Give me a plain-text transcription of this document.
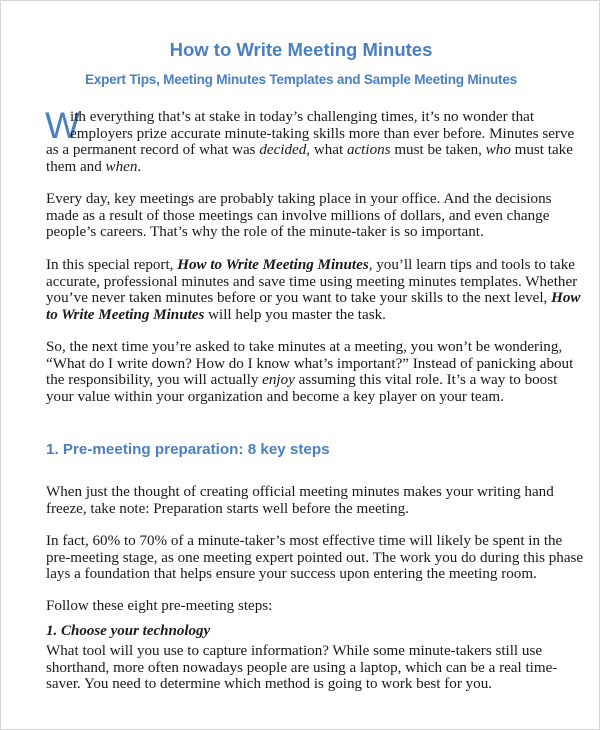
How to Write Meeting Minutes
Expert Tips, Meeting Minutes Templates and Sample Meeting Minutes
W
ith everything that’s at stake in today’s challenging times, it’s no wonder that
employers prize accurate minute-taking skills more than ever before. Minutes serve
as a permanent record of what was decided, what actions must be taken, who must take
them and when.
Every day, key meetings are probably taking place in your office. And the decisions
made as a result of those meetings can involve millions of dollars, and even change
people’s careers. That’s why the role of the minute-taker is so important.
In this special report, How to Write Meeting Minutes, you’ll learn tips and tools to take
accurate, professional minutes and save time using meeting minutes templates. Whether
you’ve never taken minutes before or you want to take your skills to the next level, How
to Write Meeting Minutes will help you master the task.
So, the next time you’re asked to take minutes at a meeting, you won’t be wondering,
“What do I write down? How do I know what’s important?” Instead of panicking about
the responsibility, you will actually enjoy assuming this vital role. It’s a way to boost
your value within your organization and become a key player on your team.
1. Pre-meeting preparation: 8 key steps
When just the thought of creating official meeting minutes makes your writing hand
freeze, take note: Preparation starts well before the meeting.
In fact, 60% to 70% of a minute-taker’s most effective time will likely be spent in the
pre-meeting stage, as one meeting expert pointed out. The work you do during this phase
lays a foundation that helps ensure your success upon entering the meeting room.
Follow these eight pre-meeting steps:
1. Choose your technology
What tool will you use to capture information? While some minute-takers still use
shorthand, more often nowadays people are using a laptop, which can be a real time-
saver. You need to determine which method is going to work best for you.
